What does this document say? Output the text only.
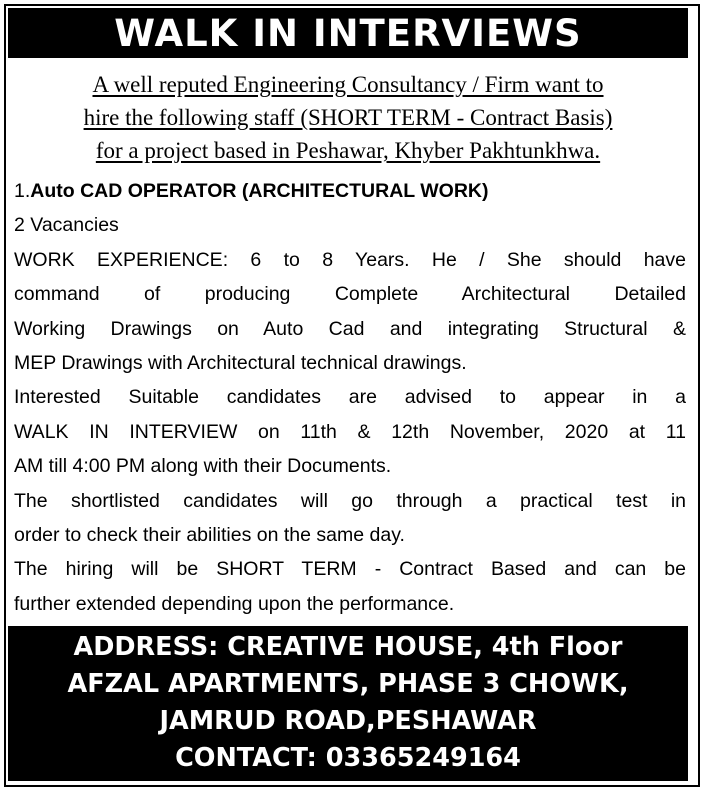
WALK IN INTERVIEWS
A well reputed Engineering Consultancy / Firm want to
hire the following staff (SHORT TERM - Contract Basis)
for a project based in Peshawar, Khyber Pakhtunkhwa.
1.Auto CAD OPERATOR (ARCHITECTURAL WORK)
2 Vacancies
WORK EXPERIENCE: 6 to 8 Years. He / She should have
command of producing Complete Architectural Detailed
Working Drawings on Auto Cad and integrating Structural &
MEP Drawings with Architectural technical drawings.
Interested Suitable candidates are advised to appear in a
WALK IN INTERVIEW on 11th & 12th November, 2020 at 11
AM till 4:00 PM along with their Documents.
The shortlisted candidates will go through a practical test in
order to check their abilities on the same day.
The hiring will be SHORT TERM - Contract Based and can be
further extended depending upon the performance.
ADDRESS: CREATIVE HOUSE, 4th Floor
AFZAL APARTMENTS, PHASE 3 CHOWK,
JAMRUD ROAD,PESHAWAR
CONTACT: 03365249164
